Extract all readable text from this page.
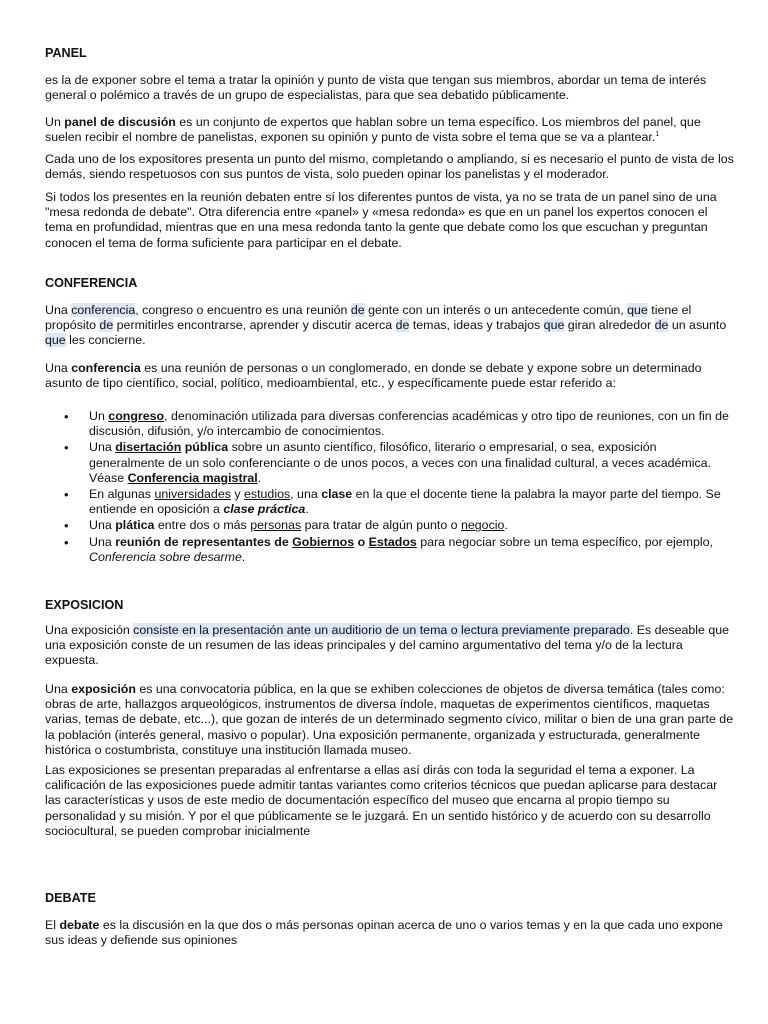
PANEL

es la de exponer sobre el tema a tratar la opinión y punto de vista que tengan sus miembros, abordar un tema de interés general o polémico a través de un grupo de especialistas, para que sea debatido públicamente.

Un panel de discusión es un conjunto de expertos que hablan sobre un tema específico. Los miembros del panel, que suelen recibir el nombre de panelistas, exponen su opinión y punto de vista sobre el tema que se va a plantear.$^1$

Cada uno de los expositores presenta un punto del mismo, completando o ampliando, si es necesario el punto de vista de los demás, siendo respetuosos con sus puntos de vista, solo pueden opinar los panelistas y el moderador.

Si todos los presentes en la reunión debaten entre sí los diferentes puntos de vista, ya no se trata de un panel sino de una "mesa redonda de debate". Otra diferencia entre «panel» y «mesa redonda» es que en un panel los expertos conocen el tema en profundidad, mientras que en una mesa redonda tanto la gente que debate como los que escuchan y preguntan conocen el tema de forma suficiente para participar en el debate.

CONFERENCIA

Una conferencia, congreso o encuentro es una reunión de gente con un interés o un antecedente común, que tiene el propósito de permitirles encontrarse, aprender y discutir acerca de temas, ideas y trabajos que giran alrededor de un asunto que les concierne.

Una conferencia es una reunión de personas o un conglomerado, en donde se debate y expone sobre un determinado asunto de tipo científico, social, político, medioambiental, etc., y específicamente puede estar referido a:

• Un congreso, denominación utilizada para diversas conferencias académicas y otro tipo de reuniones, con un fin de discusión, difusión, y/o intercambio de conocimientos.
• Una disertación pública sobre un asunto científico, filosófico, literario o empresarial, o sea, exposición generalmente de un solo conferenciante o de unos pocos, a veces con una finalidad cultural, a veces académica. Véase Conferencia magistral.
• En algunas universidades y estudios, una clase en la que el docente tiene la palabra la mayor parte del tiempo. Se entiende en oposición a clase práctica.
• Una plática entre dos o más personas para tratar de algún punto o negocio.
• Una reunión de representantes de Gobiernos o Estados para negociar sobre un tema específico, por ejemplo, Conferencia sobre desarme.
EXPOSICION

Una exposición consiste en la presentación ante un auditiorio de un tema o lectura previamente preparado. Es deseable que una exposición conste de un resumen de las ideas principales y del camino argumentativo del tema y/o de la lectura expuesta.

Una exposición es una convocatoria pública, en la que se exhiben colecciones de objetos de diversa temática (tales como: obras de arte, hallazgos arqueológicos, instrumentos de diversa índole, maquetas de experimentos científicos, maquetas varias, temas de debate, etc...), que gozan de interés de un determinado segmento cívico, militar o bien de una gran parte de la población (interés general, masivo o popular). Una exposición permanente, organizada y estructurada, generalmente histórica o costumbrista, constituye una institución llamada museo.

Las exposiciones se presentan preparadas al enfrentarse a ellas así dirás con toda la seguridad el tema a exponer. La calificación de las exposiciones puede admitir tantas variantes como criterios técnicos que puedan aplicarse para destacar las características y usos de este medio de documentación específico del museo que encarna al propio tiempo su personalidad y su misión. Y por el que públicamente se le juzgará. En un sentido histórico y de acuerdo con su desarrollo sociocultural, se pueden comprobar inicialmente

DEBATE

El debate es la discusión en la que dos o más personas opinan acerca de uno o varios temas y en la que cada uno expone sus ideas y defiende sus opiniones
